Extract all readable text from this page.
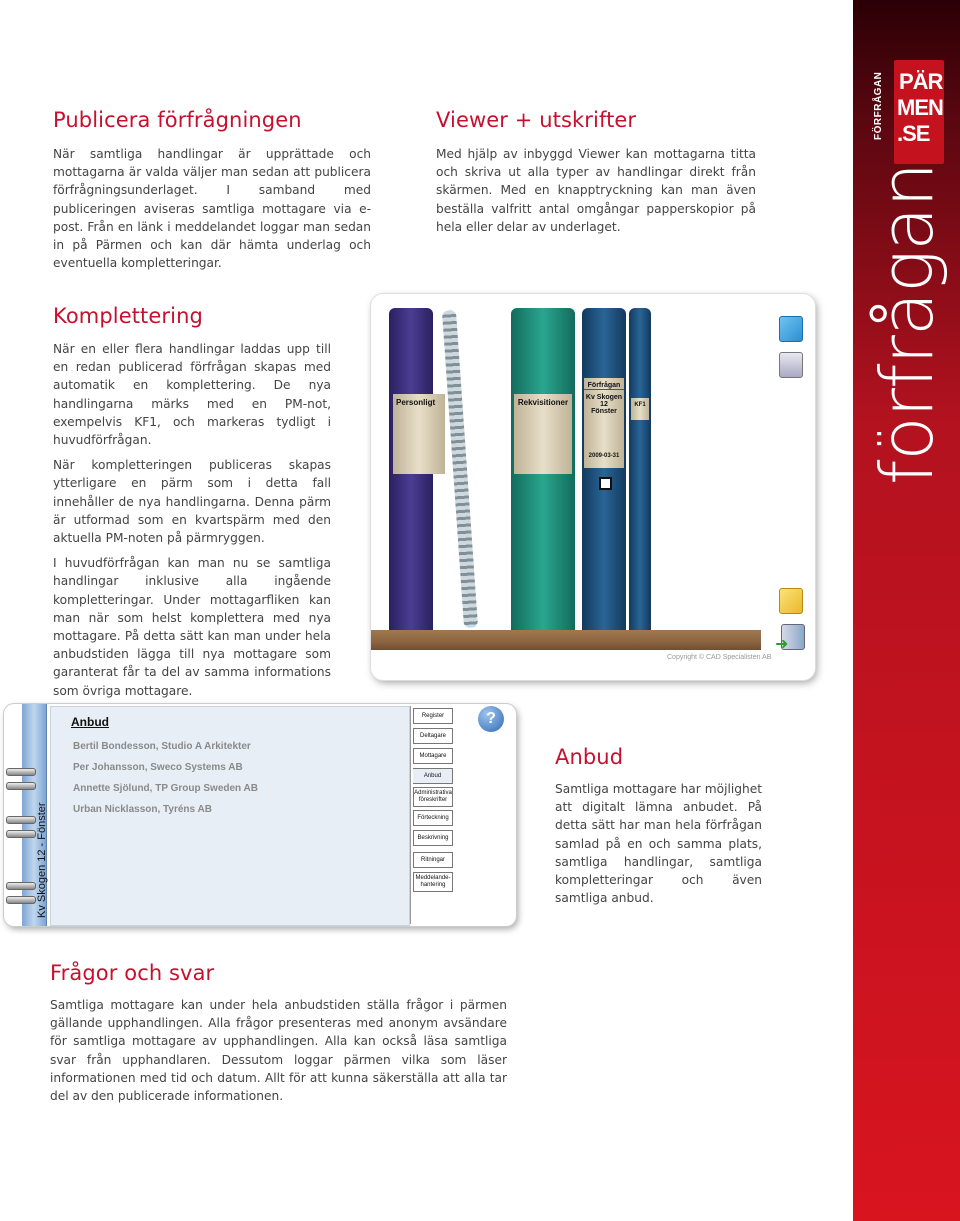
PÄR
MEN
.SE
FÖRFRÅGAN
förfrågan
Publicera förfrågningen

När samtliga handlingar är upprättade och mottagarna är valda väljer man sedan att publicera förfrågningsunderlaget. I samband med publiceringen aviseras samtliga mottagare via e-post. Från en länk i meddelandet loggar man sedan in på Pärmen och kan där hämta underlag och eventuella kompletteringar.

Viewer + utskrifter

Med hjälp av inbyggd Viewer kan mottagarna titta och skriva ut alla typer av handlingar direkt från skärmen. Med en knapptryckning kan man även beställa valfritt antal omgångar papperskopior på hela eller delar av underlaget.

Komplettering

När en eller flera handlingar laddas upp till en redan publicerad förfrågan skapas med automatik en komplettering. De nya handlingarna märks med en PM-not, exempelvis KF1, och markeras tydligt i huvudförfrågan.

När kompletteringen publiceras skapas ytterligare en pärm som i detta fall innehåller de nya handlingarna. Denna pärm är utformad som en kvartspärm med den aktuella PM-noten på pärmryggen.

I huvudförfrågan kan man nu se samtliga handlingar inklusive alla ingående kompletteringar. Under mottagarfliken kan man när som helst komplettera med nya mottagare. På detta sätt kan man under hela anbudstiden lägga till nya mottagare som garanterat får ta del av samma informations som övriga mottagare.

Personligt	Rekvisitioner
Förfrågan
Kv Skogen
12
Fönster
2009-03-31
KF1
Copyright © CAD Specialisten AB
➜
Kv Skogen 12 - Fönster
Anbud
Bertil Bondesson, Studio A Arkitekter
Per Johansson, Sweco Systems AB
Annette Sjölund, TP Group Sweden AB
Urban Nicklasson, Tyréns AB
Register
Deltagare
Mottagare
Anbud
Administrativa föreskrifter
Förteckning
Beskrivning
Ritningar
Meddelande-hantering
?
Anbud

Samtliga mottagare har möjlighet att digitalt lämna anbudet. På detta sätt har man hela förfrågan samlad på en och samma plats, samtliga handlingar, samtliga kompletteringar och även samtliga anbud.

Frågor och svar

Samtliga mottagare kan under hela anbudstiden ställa frågor i pärmen gällande upphandlingen. Alla frågor presenteras med anonym avsändare för samtliga mottagare av upphandlingen. Alla kan också läsa samtliga svar från upphandlaren. Dessutom loggar pärmen vilka som läser informationen med tid och datum. Allt för att kunna säkerställa att alla tar del av den publicerade informationen.
